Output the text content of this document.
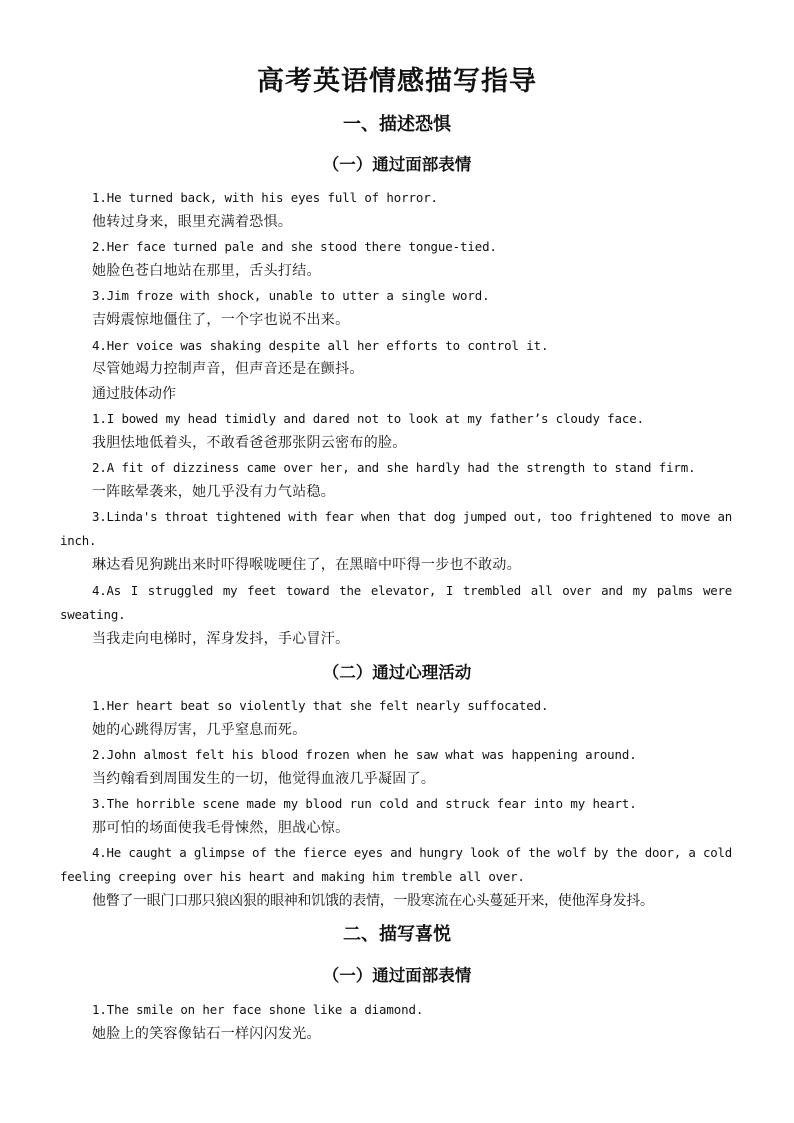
高考英语情感描写指导
一、描述恐惧
（一）通过面部表情

1.He turned back, with his eyes full of horror.

他转过身来，眼里充满着恐惧。

2.Her face turned pale and she stood there tongue-tied.

她脸色苍白地站在那里，舌头打结。

3.Jim froze with shock, unable to utter a single word.

吉姆震惊地僵住了，一个字也说不出来。

4.Her voice was shaking despite all her efforts to control it.

尽管她竭力控制声音，但声音还是在颤抖。

通过肢体动作

1.I bowed my head timidly and dared not to look at my father’s cloudy face.

我胆怯地低着头，不敢看爸爸那张阴云密布的脸。

2.A fit of dizziness came over her, and she hardly had the strength to stand firm.

一阵眩晕袭来，她几乎没有力气站稳。

3.Linda's throat tightened with fear when that dog jumped out, too frightened to move an inch.

琳达看见狗跳出来时吓得喉咙哽住了，在黑暗中吓得一步也不敢动。

4.As I struggled my feet toward the elevator, I trembled all over and my palms were sweating.

当我走向电梯时，浑身发抖，手心冒汗。

（二）通过心理活动

1.Her heart beat so violently that she felt nearly suffocated.

她的心跳得厉害，几乎窒息而死。

2.John almost felt his blood frozen when he saw what was happening around.

当约翰看到周围发生的一切，他觉得血液几乎凝固了。

3.The horrible scene made my blood run cold and struck fear into my heart.

那可怕的场面使我毛骨悚然，胆战心惊。

4.He caught a glimpse of the fierce eyes and hungry look of the wolf by the door, a cold feeling creeping over his heart and making him tremble all over.

他瞥了一眼门口那只狼凶狠的眼神和饥饿的表情，一股寒流在心头蔓延开来，使他浑身发抖。

二、描写喜悦
（一）通过面部表情

1.The smile on her face shone like a diamond.

她脸上的笑容像钻石一样闪闪发光。
